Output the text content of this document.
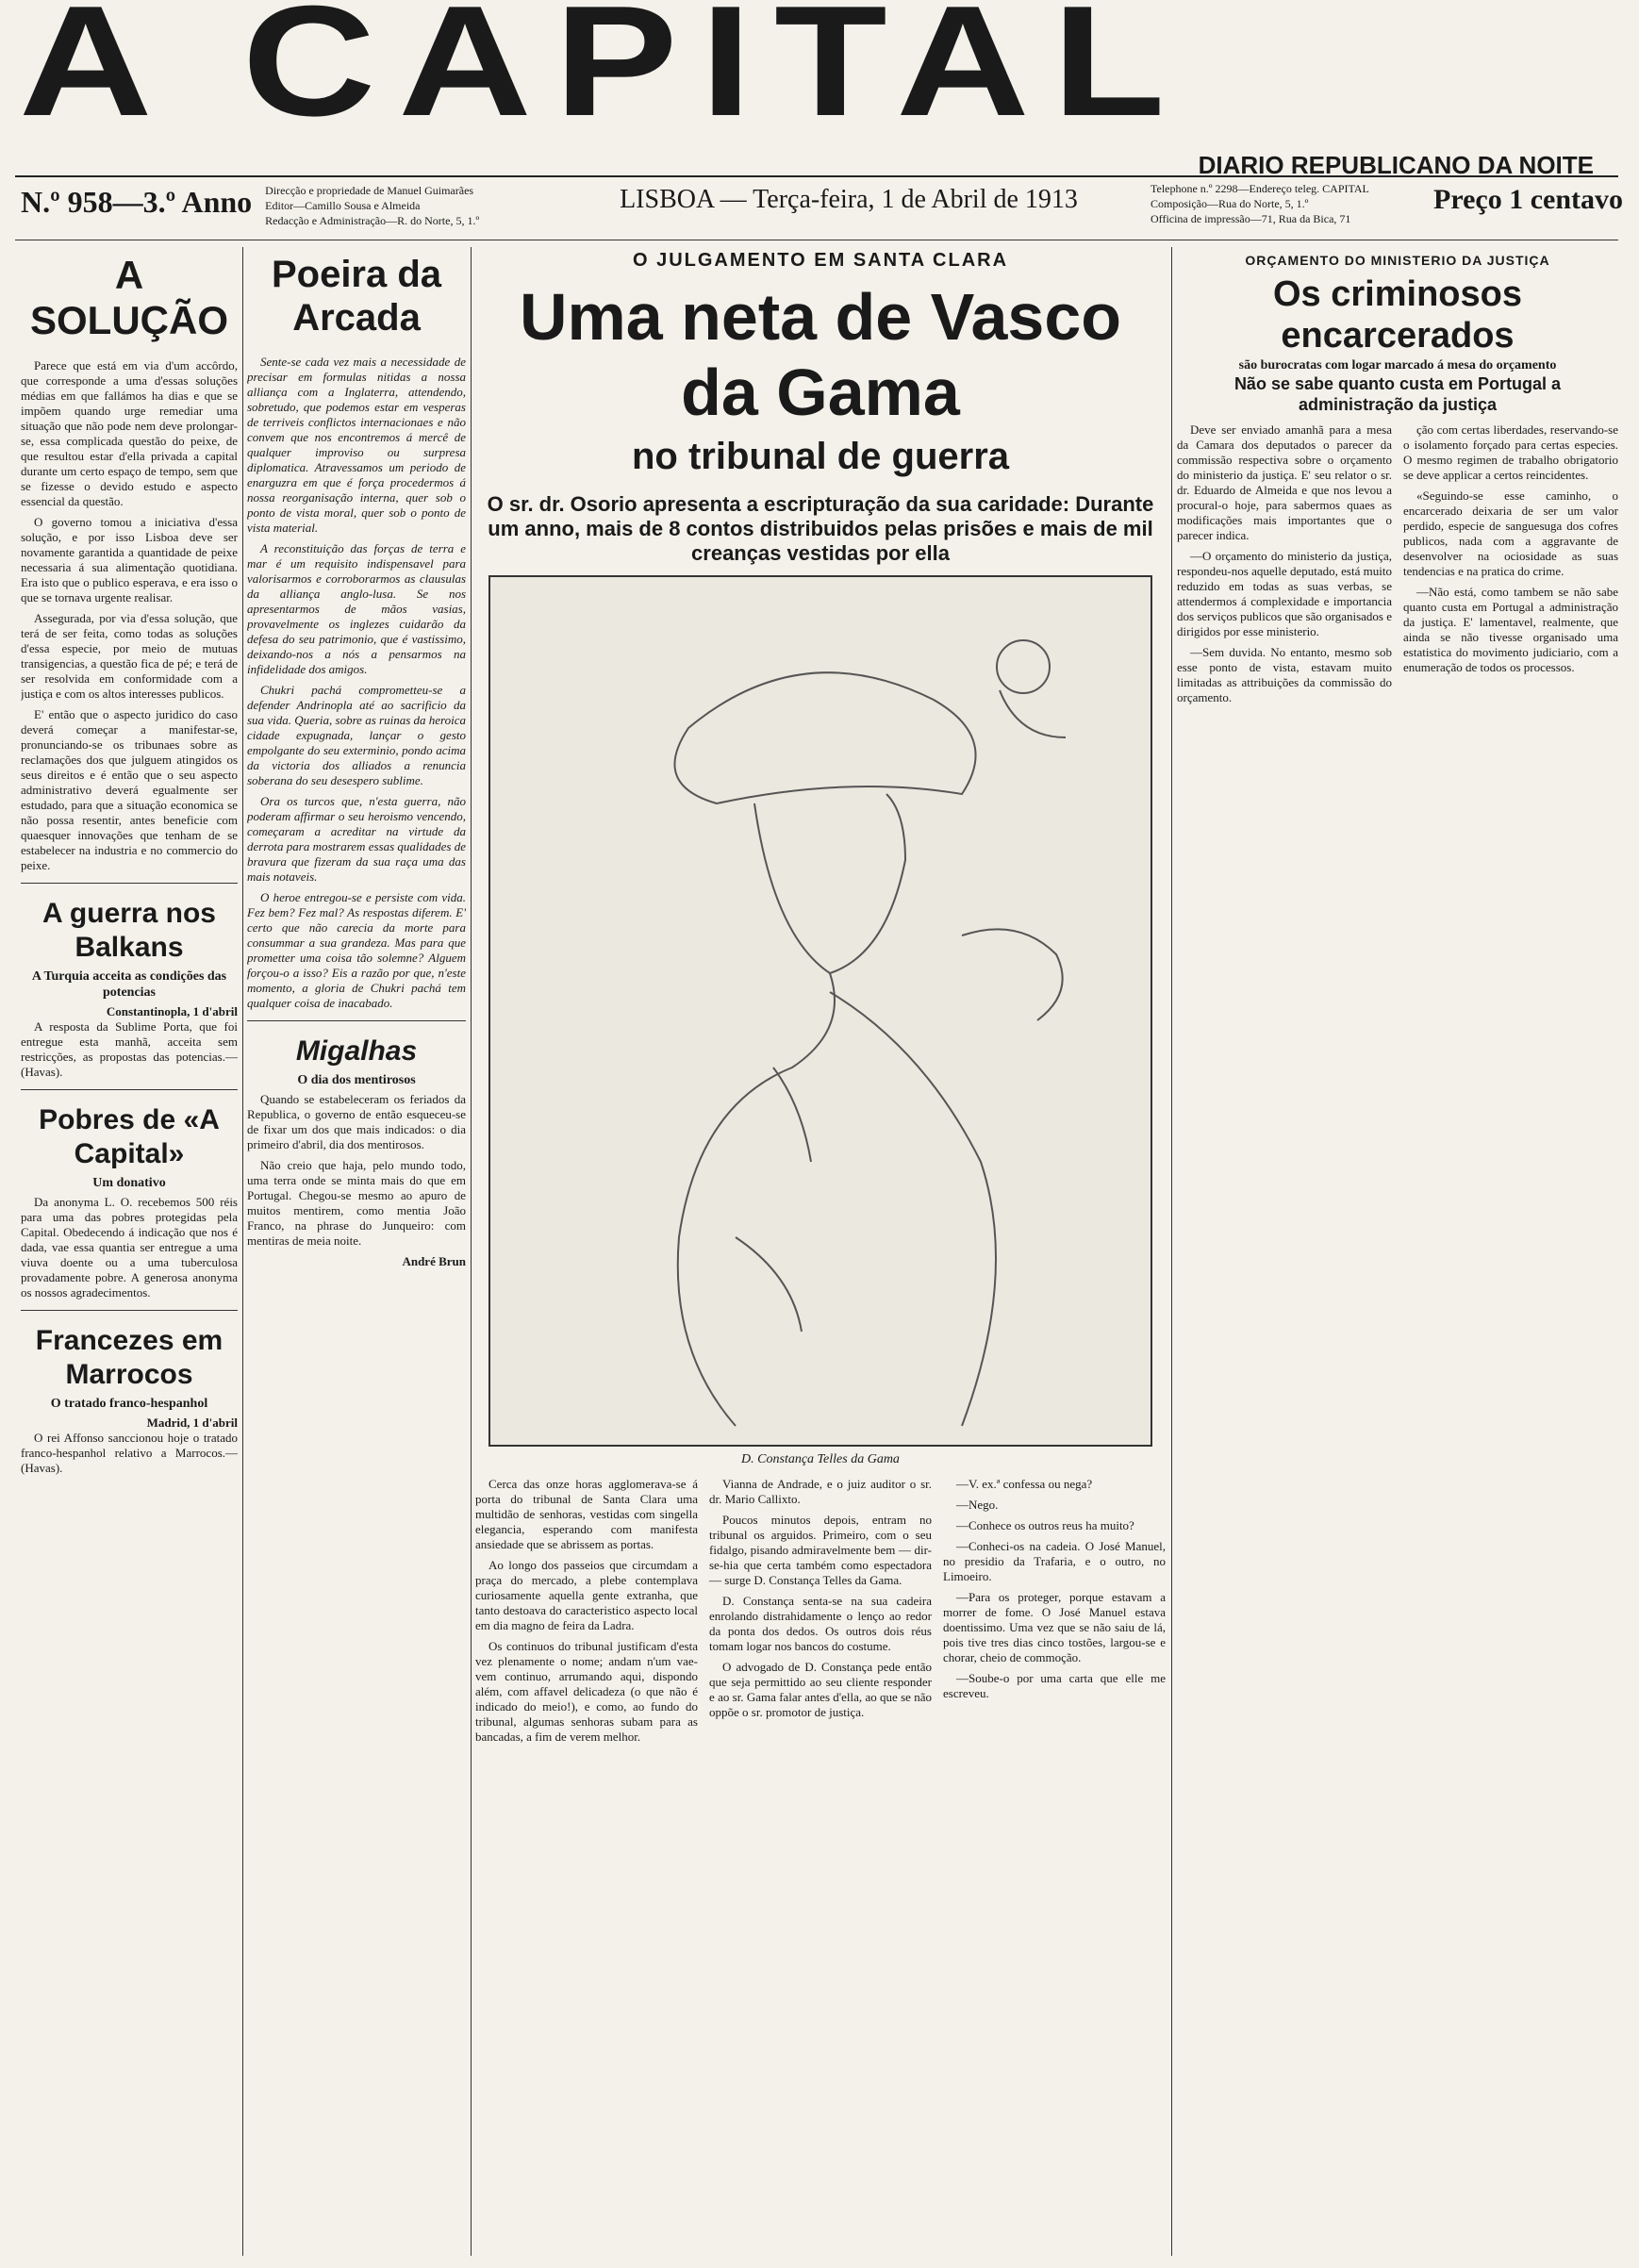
A CAPITAL
DIARIO REPUBLICANO DA NOITE
N.º 958—3.º Anno Direcção e propriedade de Manuel Guimarães
Editor—Camillo Sousa e Almeida
Redacção e Administração—R. do Norte, 5, 1.º
LISBOA — Terça-feira, 1 de Abril de 1913	Telephone n.º 2298—Endereço teleg. CAPITAL
Composição—Rua do Norte, 5, 1.º
Officina de impressão—71, Rua da Bica, 71
Preço 1 centavo
A SOLUÇÃO

Parece que está em via d'um accôrdo, que corresponde a uma d'essas soluções médias em que fallámos ha dias e que se impõem quando urge remediar uma situação que não pode nem deve prolongar-se, essa complicada questão do peixe, de que resultou estar d'ella privada a capital durante um certo espaço de tempo, sem que se fizesse o devido estudo e aspecto essencial da questão.

O governo tomou a iniciativa d'essa solução, e por isso Lisboa deve ser novamente garantida a quantidade de peixe necessaria á sua alimentação quotidiana. Era isto que o publico esperava, e era isso o que se tornava urgente realisar.

Assegurada, por via d'essa solução, que terá de ser feita, como todas as soluções d'essa especie, por meio de mutuas transigencias, a questão fica de pé; e terá de ser resolvida em conformidade com a justiça e com os altos interesses publicos.

E' então que o aspecto juridico do caso deverá começar a manifestar-se, pronunciando-se os tribunaes sobre as reclamações dos que julguem atingidos os seus direitos e é então que o seu aspecto administrativo deverá egualmente ser estudado, para que a situação economica se não possa resentir, antes beneficie com quaesquer innovações que tenham de se estabelecer na industria e no commercio do peixe.

A guerra nos Balkans
A Turquia acceita as condições das potencias
Constantinopla, 1 d'abril

A resposta da Sublime Porta, que foi entregue esta manhã, acceita sem restricções, as propostas das potencias.—(Havas).

Pobres de «A Capital»
Um donativo

Da anonyma L. O. recebemos 500 réis para uma das pobres protegidas pela Capital. Obedecendo á indicação que nos é dada, vae essa quantia ser entregue a uma viuva doente ou a uma tuberculosa provadamente pobre. A generosa anonyma os nossos agradecimentos.

Francezes em Marrocos
O tratado franco-hespanhol
Madrid, 1 d'abril

O rei Affonso sanccionou hoje o tratado franco-hespanhol relativo a Marrocos.—(Havas).

Poeira da Arcada

Sente-se cada vez mais a necessidade de precisar em formulas nitidas a nossa alliança com a Inglaterra, attendendo, sobretudo, que podemos estar em vesperas de terriveis conflictos internacionaes e não convem que nos encontremos á mercê de qualquer improviso ou surpresa diplomatica. Atravessamos um periodo de enarguzra em que é força procedermos á nossa reorganisação interna, quer sob o ponto de vista moral, quer sob o ponto de vista material.

A reconstituição das forças de terra e mar é um requisito indispensavel para valorisarmos e corroborarmos as clausulas da alliança anglo-lusa. Se nos apresentarmos de mãos vasias, provavelmente os inglezes cuidarão da defesa do seu patrimonio, que é vastissimo, deixando-nos a nós a pensarmos na infidelidade dos amigos.

Chukri pachá comprometteu-se a defender Andrinopla até ao sacrificio da sua vida. Queria, sobre as ruinas da heroica cidade expugnada, lançar o gesto empolgante do seu exterminio, pondo acima da victoria dos alliados a renuncia soberana do seu desespero sublime.

Ora os turcos que, n'esta guerra, não poderam affirmar o seu heroismo vencendo, começaram a acreditar na virtude da derrota para mostrarem essas qualidades de bravura que fizeram da sua raça uma das mais notaveis.

O heroe entregou-se e persiste com vida. Fez bem? Fez mal? As respostas diferem. E' certo que não carecia da morte para consummar a sua grandeza. Mas para que prometter uma coisa tão solemne? Alguem forçou-o a isso? Eis a razão por que, n'este momento, a gloria de Chukri pachá tem qualquer coisa de inacabado.

Migalhas
O dia dos mentirosos

Quando se estabeleceram os feriados da Republica, o governo de então esqueceu-se de fixar um dos que mais indicados: o dia primeiro d'abril, dia dos mentirosos.

Não creio que haja, pelo mundo todo, uma terra onde se minta mais do que em Portugal. Chegou-se mesmo ao apuro de muitos mentirem, como mentia João Franco, na phrase do Junqueiro: com mentiras de meia noite.

André Brun
O JULGAMENTO EM SANTA CLARA
Uma neta de Vasco da Gama
no tribunal de guerra
O sr. dr. Osorio apresenta a escripturação da sua caridade: Durante um anno, mais de 8 contos distribuidos pelas prisões e mais de mil creanças vestidas por ella
D. Constança Telles da Gama

Cerca das onze horas agglomerava-se á porta do tribunal de Santa Clara uma multidão de senhoras, vestidas com singella elegancia, esperando com manifesta ansiedade que se abrissem as portas.

Ao longo dos passeios que circumdam a praça do mercado, a plebe contemplava curiosamente aquella gente extranha, que tanto destoava do caracteristico aspecto local em dia magno de feira da Ladra.

Os continuos do tribunal justificam d'esta vez plenamente o nome; andam n'um vae-vem continuo, arrumando aqui, dispondo além, com affavel delicadeza (o que não é indicado do meio!), e como, ao fundo do tribunal, algumas senhoras subam para as bancadas, a fim de verem melhor.

Vianna de Andrade, e o juiz auditor o sr. dr. Mario Callixto.

Poucos minutos depois, entram no tribunal os arguidos. Primeiro, com o seu fidalgo, pisando admiravelmente bem — dir-se-hia que certa também como espectadora — surge D. Constança Telles da Gama.

D. Constança senta-se na sua cadeira enrolando distrahidamente o lenço ao redor da ponta dos dedos. Os outros dois réus tomam logar nos bancos do costume.

O advogado de D. Constança pede então que seja permittido ao seu cliente responder e ao sr. Gama falar antes d'ella, ao que se não oppõe o sr. promotor de justiça.

—V. ex.ª confessa ou nega?

—Nego.

—Conhece os outros reus ha muito?

—Conheci-os na cadeia. O José Manuel, no presidio da Trafaria, e o outro, no Limoeiro.

—Para os proteger, porque estavam a morrer de fome. O José Manuel estava doentissimo. Uma vez que se não saiu de lá, pois tive tres dias cinco tostões, largou-se e chorar, cheio de commoção.

—Soube-o por uma carta que elle me escreveu.

ORÇAMENTO DO MINISTERIO DA JUSTIÇA
Os criminosos encarcerados
são burocratas com logar marcado á mesa do orçamento
Não se sabe quanto custa em Portugal a administração da justiça

Deve ser enviado amanhã para a mesa da Camara dos deputados o parecer da commissão respectiva sobre o orçamento do ministerio da justiça. E' seu relator o sr. dr. Eduardo de Almeida e que nos levou a procural-o hoje, para sabermos quaes as modificações mais importantes que o parecer indica.

—O orçamento do ministerio da justiça, respondeu-nos aquelle deputado, está muito reduzido em todas as suas verbas, se attendermos á complexidade e importancia dos serviços publicos que são organisados e dirigidos por esse ministerio.

—Sem duvida. No entanto, mesmo sob esse ponto de vista, estavam muito limitadas as attribuições da commissão do orçamento.

ção com certas liberdades, reservando-se o isolamento forçado para certas especies. O mesmo regimen de trabalho obrigatorio se deve applicar a certos reincidentes.

«Seguindo-se esse caminho, o encarcerado deixaria de ser um valor perdido, especie de sanguesuga dos cofres publicos, nada com a aggravante de desenvolver na ociosidade as suas tendencias e na pratica do crime.

—Não está, como tambem se não sabe quanto custa em Portugal a administração da justiça. E' lamentavel, realmente, que ainda se não tivesse organisado uma estatistica do movimento judiciario, com a enumeração de todos os processos.
